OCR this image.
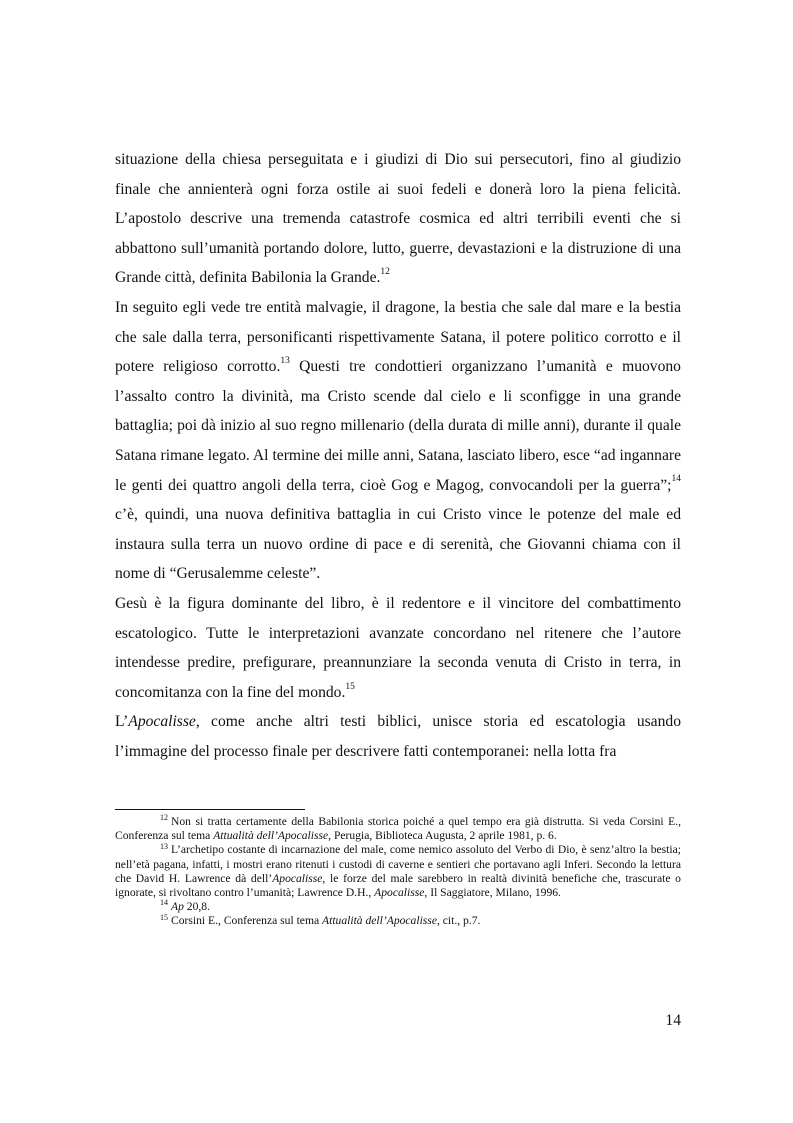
situazione della chiesa perseguitata e i giudizi di Dio sui persecutori, fino al giudizio finale che annienterà ogni forza ostile ai suoi fedeli e donerà loro la piena felicità. L’apostolo descrive una tremenda catastrofe cosmica ed altri terribili eventi che si abbattono sull’umanità portando dolore, lutto, guerre, devastazioni e la distruzione di una Grande città, definita Babilonia la Grande.$^{12}$
In seguito egli vede tre entità malvagie, il dragone, la bestia che sale dal mare e la bestia che sale dalla terra, personificanti rispettivamente Satana, il potere politico corrotto e il potere religioso corrotto.$^{13}$ Questi tre condottieri organizzano l’umanità e muovono l’assalto contro la divinità, ma Cristo scende dal cielo e li sconfigge in una grande battaglia; poi dà inizio al suo regno millenario (della durata di mille anni), durante il quale Satana rimane legato. Al termine dei mille anni, Satana, lasciato libero, esce “ad ingannare le genti dei quattro angoli della terra, cioè Gog e Magog, convocandoli per la guerra”;$^{14}$ c’è, quindi, una nuova definitiva battaglia in cui Cristo vince le potenze del male ed instaura sulla terra un nuovo ordine di pace e di serenità, che Giovanni chiama con il nome di “Gerusalemme celeste”.

Gesù è la figura dominante del libro, è il redentore e il vincitore del combattimento escatologico. Tutte le interpretazioni avanzate concordano nel ritenere che l’autore intendesse predire, prefigurare, preannunziare la seconda venuta di Cristo in terra, in concomitanza con la fine del mondo.$^{15}$

L’Apocalisse, come anche altri testi biblici, unisce storia ed escatologia usando l’immagine del processo finale per descrivere fatti contemporanei: nella lotta fra

$^{12}$ Non si tratta certamente della Babilonia storica poiché a quel tempo era già distrutta. Si veda Corsini E., Conferenza sul tema Attualità dell’Apocalisse, Perugia, Biblioteca Augusta, 2 aprile 1981, p. 6.

$^{13}$ L’archetipo costante di incarnazione del male, come nemico assoluto del Verbo di Dio, è senz’altro la bestia; nell’età pagana, infatti, i mostri erano ritenuti i custodi di caverne e sentieri che portavano agli Inferi. Secondo la lettura che David H. Lawrence dà dell’Apocalisse, le forze del male sarebbero in realtà divinità benefiche che, trascurate o ignorate, si rivoltano contro l’umanità; Lawrence D.H., Apocalisse, Il Saggiatore, Milano, 1996.

$^{14}$ Ap 20,8.

$^{15}$ Corsini E., Conferenza sul tema Attualità dell’Apocalisse, cit., p.7.

14
